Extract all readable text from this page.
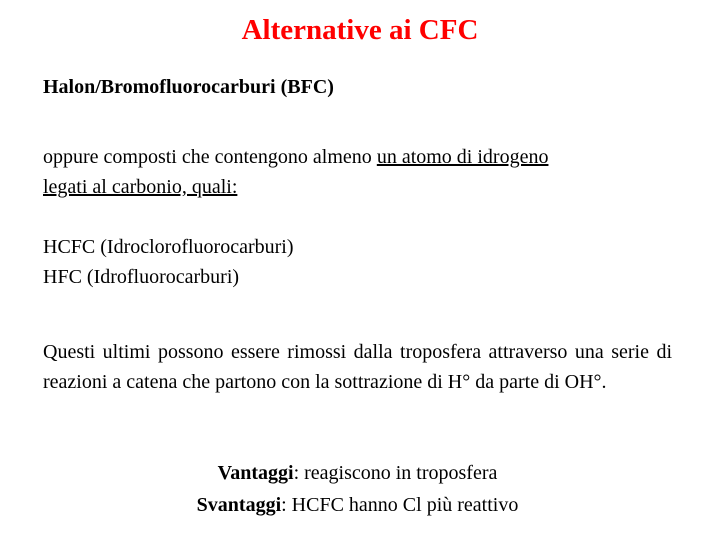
Alternative ai CFC
Halon/Bromofluorocarburi (BFC)
oppure composti che contengono almeno un atomo di idrogeno
legati al carbonio, quali:
HCFC (Idroclorofluorocarburi)
HFC (Idrofluorocarburi)
Questi ultimi possono essere rimossi dalla troposfera attraverso una serie di reazioni a catena che partono con la sottrazione di H° da parte di OH°.
Vantaggi: reagiscono in troposfera
Svantaggi: HCFC hanno Cl più reattivo
